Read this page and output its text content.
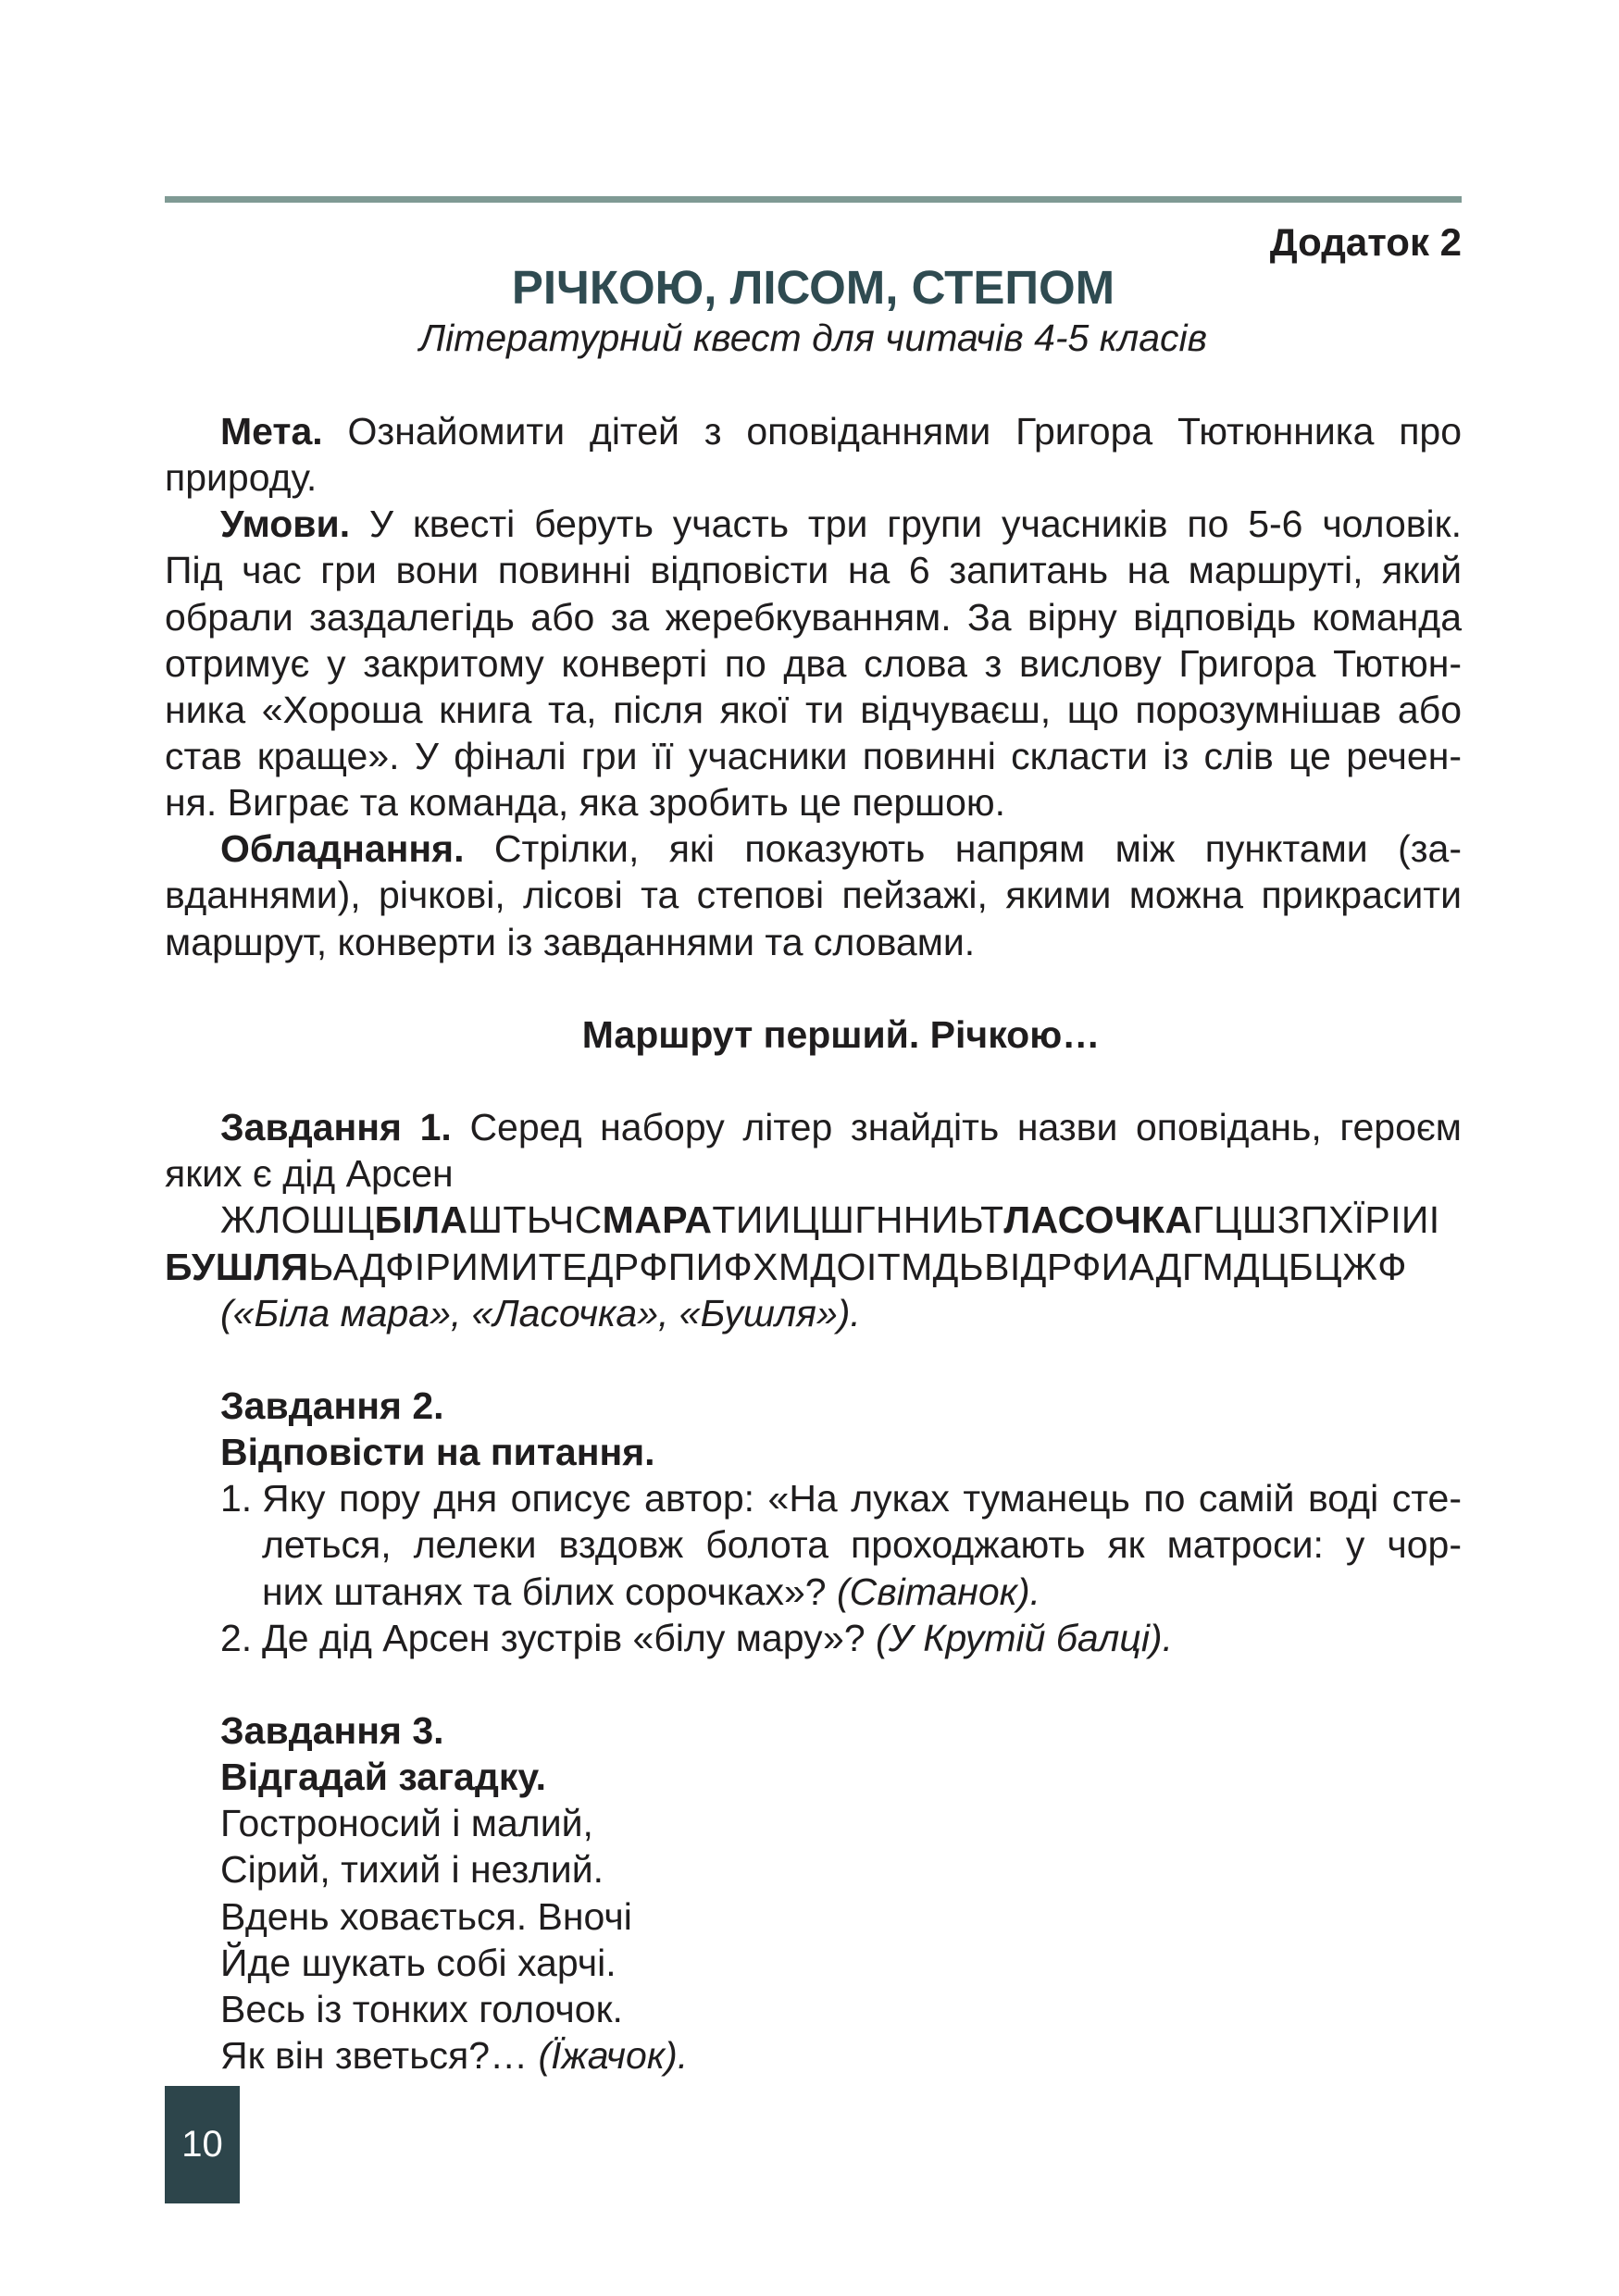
Додаток 2
РІЧКОЮ, ЛІСОМ, СТЕПОМ
Літературний квест для читачів 4-5 класів
Мета. Ознайомити дітей з оповіданнями Григора Тютюнника про
природу.
Умови. У квесті беруть участь три групи учасників по 5-6 чоловік.
Під час гри вони повинні відповісти на 6 запитань на маршруті, який
обрали заздалегідь або за жеребкуванням. За вірну відповідь команда
отримує у закритому конверті по два слова з вислову Григора Тютюн-
ника «Хороша книга та, після якої ти відчуваєш, що порозумнішав або
став краще». У фіналі гри її учасники повинні скласти із слів це речен-
ня. Виграє та команда, яка зробить це першою.
Обладнання. Стрілки, які показують напрям між пунктами (за-
вданнями), річкові, лісові та степові пейзажі, якими можна прикрасити
маршрут, конверти із завданнями та словами.
Маршрут перший. Річкою…
Завдання 1. Серед набору літер знайдіть назви оповідань, героєм
яких є дід Арсен
ЖЛОШЦБІЛАШТЬЧСМАРАТИИЦШГННИЬТЛАСОЧКАГЦШЗПХЇРІИІ
БУШЛЯЬАДФІРИМИТЕДРФПИФХМДОІТМДЬВІДРФИАДГМДЦБЦЖФ
(«Біла мара», «Ласочка», «Бушля»).
Завдання 2.
Відповісти на питання.
1. Яку пору дня описує автор: «На луках туманець по самій воді сте-
леться, лелеки вздовж болота проходжають як матроси: у чор-
них штанях та білих сорочках»? (Світанок).
2. Де дід Арсен зустрів «білу мару»? (У Крутій балці).
Завдання 3.
Відгадай загадку.
Гостроносий і малий,
Сірий, тихий і незлий.
Вдень ховається. Вночі
Йде шукать собі харчі.
Весь із тонких голочок.
Як він зветься?… (Їжачок).
10
